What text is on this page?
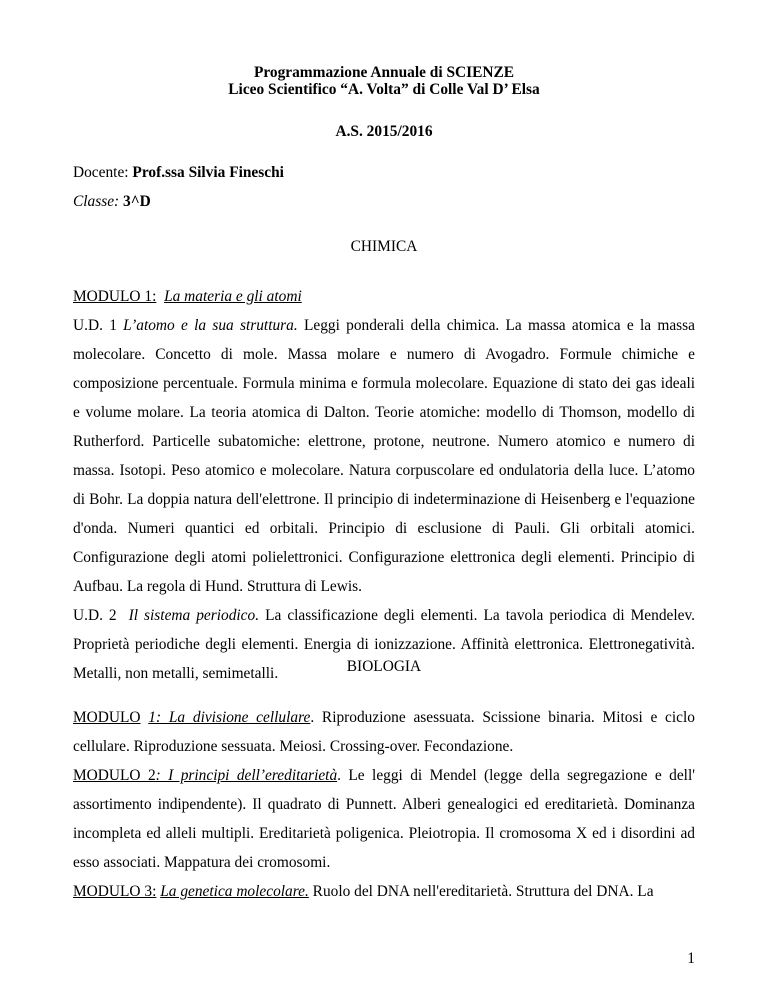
Programmazione Annuale di SCIENZE
Liceo Scientifico “A. Volta” di Colle Val D’ Elsa
A.S. 2015/2016
Docente: Prof.ssa Silvia Fineschi
Classe: 3^D
CHIMICA

MODULO 1: La materia e gli atomi

U.D. 1 L’atomo e la sua struttura. Leggi ponderali della chimica. La massa atomica e la massa molecolare. Concetto di mole. Massa molare e numero di Avogadro. Formule chimiche e composizione percentuale. Formula minima e formula molecolare. Equazione di stato dei gas ideali e volume molare. La teoria atomica di Dalton. Teorie atomiche: modello di Thomson, modello di Rutherford. Particelle subatomiche: elettrone, protone, neutrone. Numero atomico e numero di massa. Isotopi. Peso atomico e molecolare. Natura corpuscolare ed ondulatoria della luce. L’atomo di Bohr. La doppia natura dell'elettrone. Il principio di indeterminazione di Heisenberg e l'equazione d'onda. Numeri quantici ed orbitali. Principio di esclusione di Pauli. Gli orbitali atomici. Configurazione degli atomi polielettronici. Configurazione elettronica degli elementi. Principio di Aufbau. La regola di Hund. Struttura di Lewis.

U.D. 2 Il sistema periodico. La classificazione degli elementi. La tavola periodica di Mendelev. Proprietà periodiche degli elementi. Energia di ionizzazione. Affinità elettronica. Elettronegatività. Metalli, non metalli, semimetalli.	BIOLOGIA

MODULO 1: La divisione cellulare. Riproduzione asessuata. Scissione binaria. Mitosi e ciclo cellulare. Riproduzione sessuata. Meiosi. Crossing-over. Fecondazione.

MODULO 2: I principi dell’ereditarietà. Le leggi di Mendel (legge della segregazione e dell' assortimento indipendente). Il quadrato di Punnett. Alberi genealogici ed ereditarietà. Dominanza incompleta ed alleli multipli. Ereditarietà poligenica. Pleiotropia. Il cromosoma X ed i disordini ad esso associati. Mappatura dei cromosomi.

MODULO 3: La genetica molecolare. Ruolo del DNA nell'ereditarietà. Struttura del DNA. La

1
